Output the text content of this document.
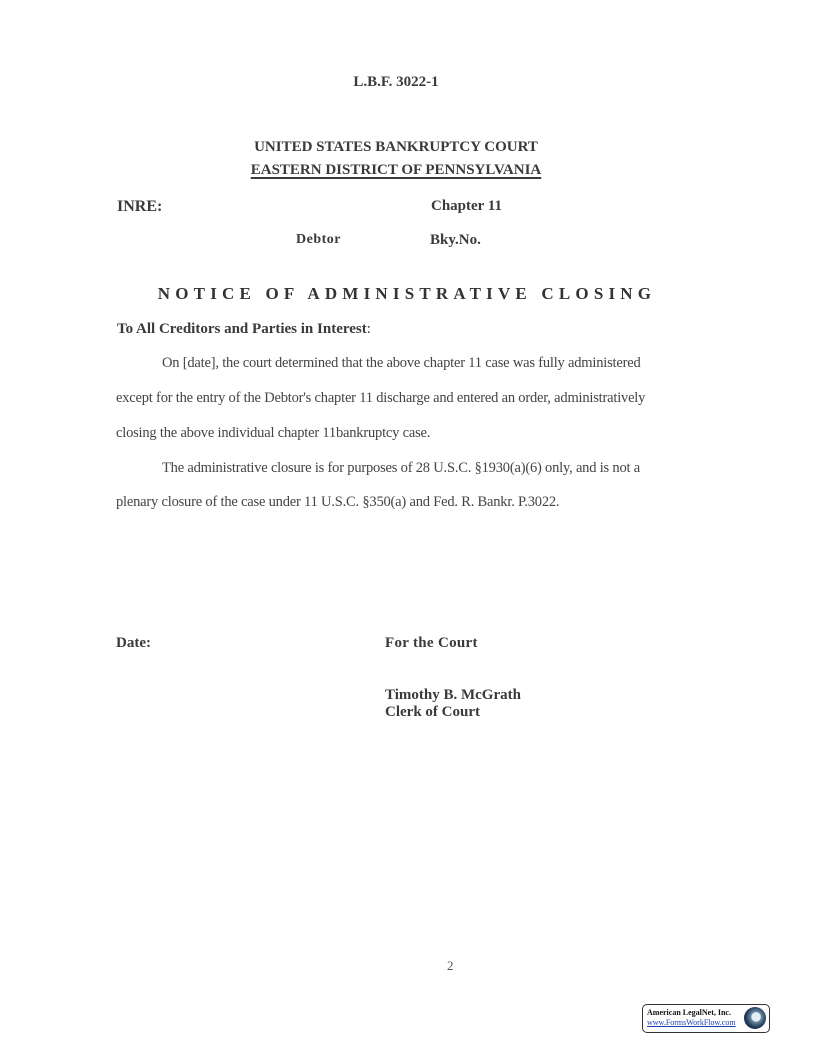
L.B.F. 3022-1
UNITED STATES BANKRUPTCY COURT
EASTERN DISTRICT OF PENNSYLVANIA
INRE:	Chapter 11
Debtor	Bky.No.
NOTICE OF ADMINISTRATIVE CLOSING
To All Creditors and Parties in Interest:
On [date], the court determined that the above chapter 11 case was fully administered
except for the entry of the Debtor's chapter 11 discharge and entered an order, administratively
closing the above individual chapter 11bankruptcy case.
The administrative closure is for purposes of 28 U.S.C. §1930(a)(6) only, and is not a
plenary closure of the case under 11 U.S.C. §350(a) and Fed. R. Bankr. P.3022.
Date:	For the Court
Timothy B. McGrath
Clerk of Court
2
American LegalNet, Inc.
www.FormsWorkFlow.com
